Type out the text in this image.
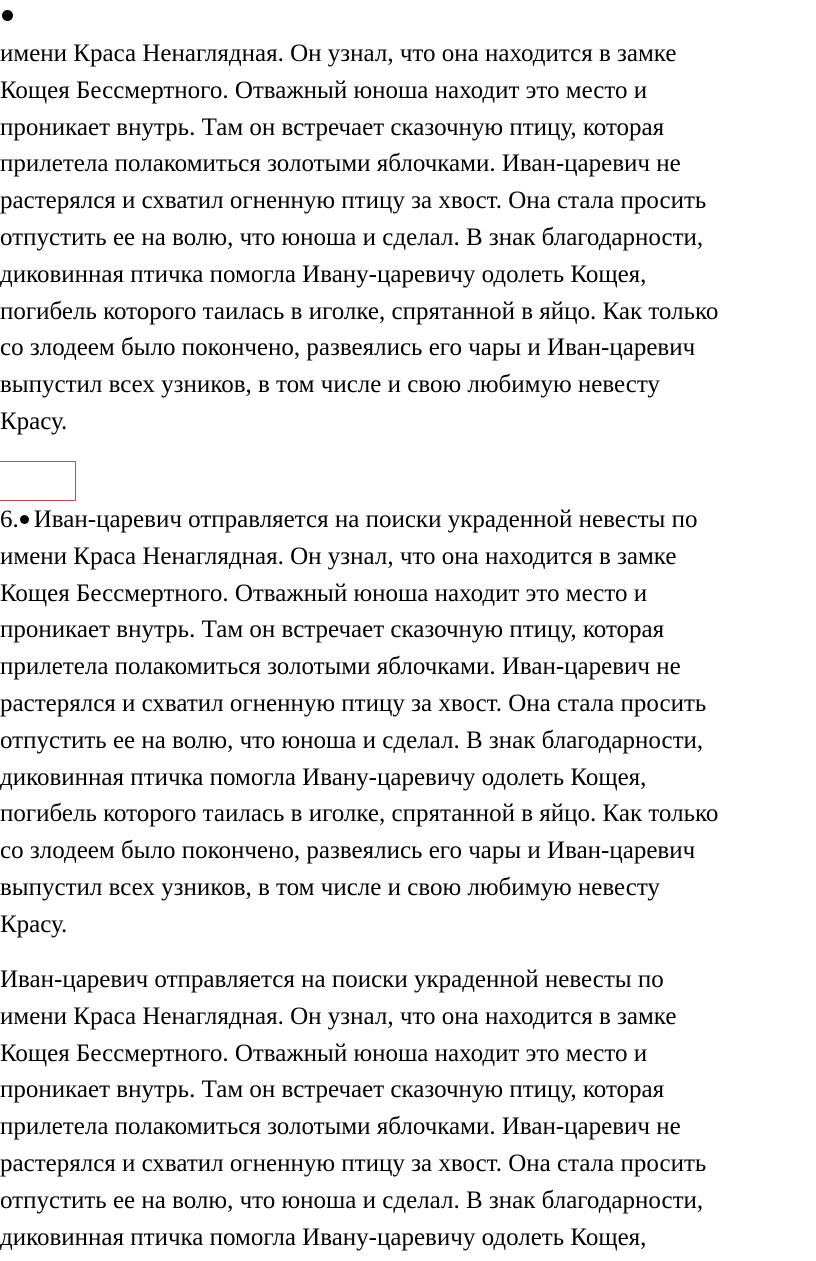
имени Краса Ненаглядная. Он узнал, что она находится в замке
Кощея Бессмертного. Отважный юноша находит это место и
проникает внутрь. Там он встречает сказочную птицу, которая
прилетела полакомиться золотыми яблочками. Иван-царевич не
растерялся и схватил огненную птицу за хвост. Она стала просить
отпустить ее на волю, что юноша и сделал. В знак благодарности,
диковинная птичка помогла Ивану-царевичу одолеть Кощея,
погибель которого таилась в иголке, спрятанной в яйцо. Как только
со злодеем было покончено, развеялись его чары и Иван-царевич
выпустил всех узников, в том числе и свою любимую невесту
Красу.

6. Иван-царевич отправляется на поиски украденной невесты по
имени Краса Ненаглядная. Он узнал, что она находится в замке
Кощея Бессмертного. Отважный юноша находит это место и
проникает внутрь. Там он встречает сказочную птицу, которая
прилетела полакомиться золотыми яблочками. Иван-царевич не
растерялся и схватил огненную птицу за хвост. Она стала просить
отпустить ее на волю, что юноша и сделал. В знак благодарности,
диковинная птичка помогла Ивану-царевичу одолеть Кощея,
погибель которого таилась в иголке, спрятанной в яйцо. Как только
со злодеем было покончено, развеялись его чары и Иван-царевич
выпустил всех узников, в том числе и свою любимую невесту
Красу.

Иван-царевич отправляется на поиски украденной невесты по
имени Краса Ненаглядная. Он узнал, что она находится в замке
Кощея Бессмертного. Отважный юноша находит это место и
проникает внутрь. Там он встречает сказочную птицу, которая
прилетела полакомиться золотыми яблочками. Иван-царевич не
растерялся и схватил огненную птицу за хвост. Она стала просить
отпустить ее на волю, что юноша и сделал. В знак благодарности,
диковинная птичка помогла Ивану-царевичу одолеть Кощея,
